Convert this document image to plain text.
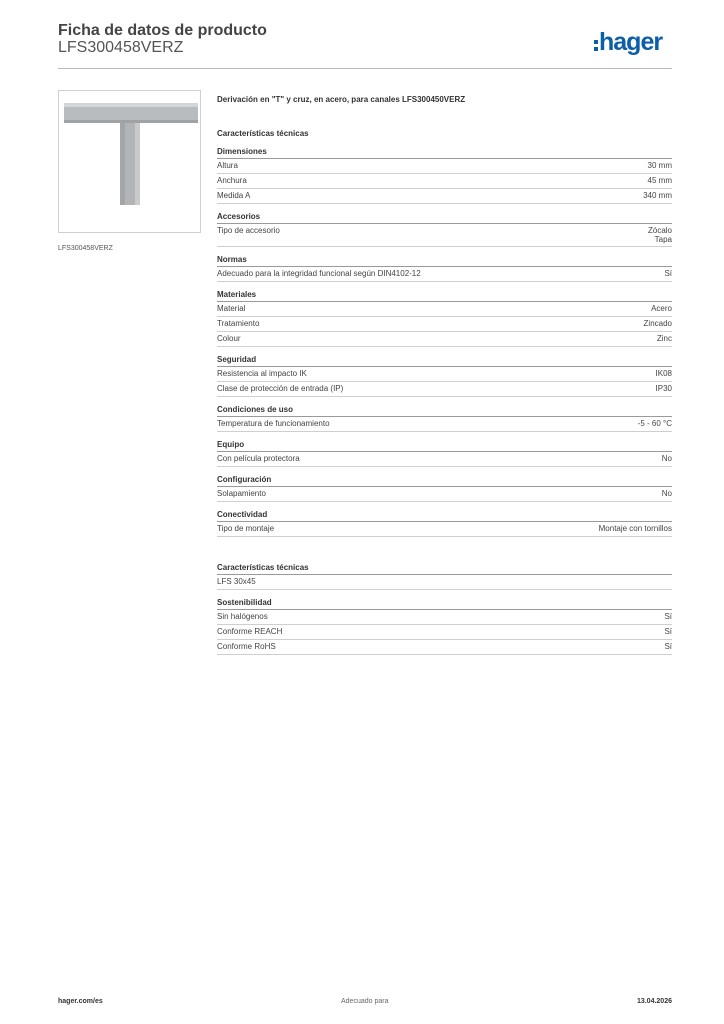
Ficha de datos de producto
LFS300458VERZ	hager
LFS300458VERZ
Derivación en "T" y cruz, en acero, para canales LFS300450VERZ
Características técnicas
Dimensiones
Altura	30 mm
Anchura	45 mm
Medida A	340 mm
Accesorios
Tipo de accesorio	Zócalo
Tapa
Normas
Adecuado para la integridad funcional según DIN4102-12	Sí
Materiales
Material	Acero
Tratamiento	Zincado
Colour	Zinc
Seguridad
Resistencia al impacto IK	IK08
Clase de protección de entrada (IP)	IP30
Condiciones de uso
Temperatura de funcionamiento	-5 - 60 °C
Equipo
Con película protectora	No
Configuración
Solapamiento	No
Conectividad
Tipo de montaje	Montaje con tornillos
Características técnicas
LFS 30x45
Sostenibilidad
Sin halógenos	Sí
Conforme REACH	Sí
Conforme RoHS	Sí
hager.com/es	Adecuado para	13.04.2026
